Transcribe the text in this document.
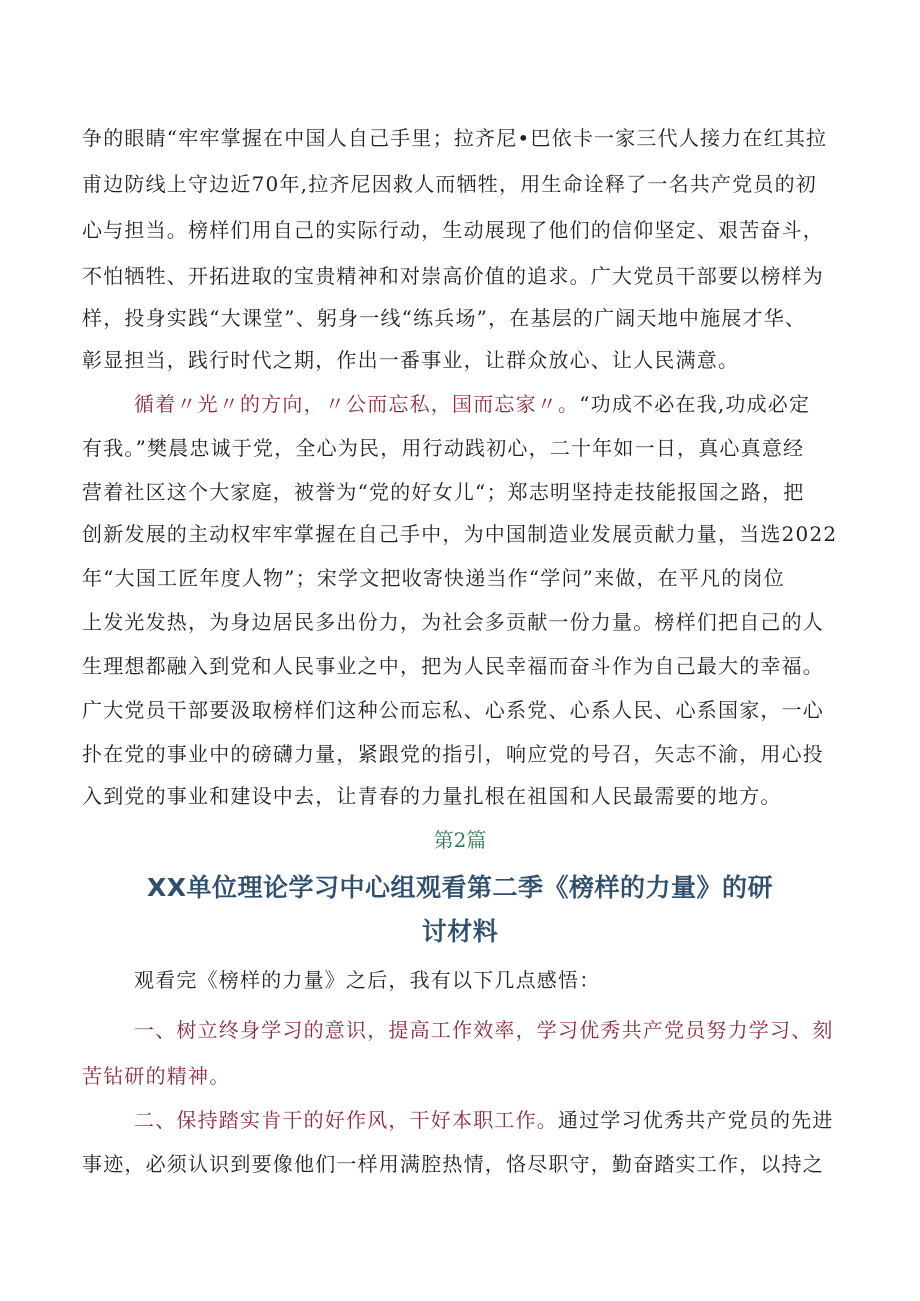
争的眼睛“牢牢掌握在中国人自己手里；拉齐尼•巴依卡一家三代人接力在红其拉
甫边防线上守边近70年,拉齐尼因救人而牺牲，用生命诠释了一名共产党员的初
心与担当。榜样们用自己的实际行动，生动展现了他们的信仰坚定、艰苦奋斗，
不怕牺牲、开拓进取的宝贵精神和对崇高价值的追求。广大党员干部要以榜样为
样，投身实践“大课堂”、躬身一线“练兵场”，在基层的广阔天地中施展才华、
彰显担当，践行时代之期，作出一番事业，让群众放心、让人民满意。
循着〃光〃的方向，〃公而忘私，国而忘家〃。“功成不必在我,功成必定
有我。”樊晨忠诚于党，全心为民，用行动践初心，二十年如一日，真心真意经
营着社区这个大家庭，被誉为“党的好女儿“；郑志明坚持走技能报国之路，把
创新发展的主动权牢牢掌握在自己手中，为中国制造业发展贡献力量，当选2022
年“大国工匠年度人物”；宋学文把收寄快递当作“学问”来做，在平凡的岗位
上发光发热，为身边居民多出份力，为社会多贡献一份力量。榜样们把自己的人
生理想都融入到党和人民事业之中，把为人民幸福而奋斗作为自己最大的幸福。
广大党员干部要汲取榜样们这种公而忘私、心系党、心系人民、心系国家，一心
扑在党的事业中的磅礴力量，紧跟党的指引，响应党的号召，矢志不渝，用心投
入到党的事业和建设中去，让青春的力量扎根在祖国和人民最需要的地方。
第2篇
XX单位理论学习中心组观看第二季《榜样的力量》的研
讨材料
观看完《榜样的力量》之后，我有以下几点感悟：
一、树立终身学习的意识，提高工作效率，学习优秀共产党员努力学习、刻
苦钻研的精神。
二、保持踏实肯干的好作风，干好本职工作。通过学习优秀共产党员的先进
事迹，必须认识到要像他们一样用满腔热情，恪尽职守，勤奋踏实工作，以持之
